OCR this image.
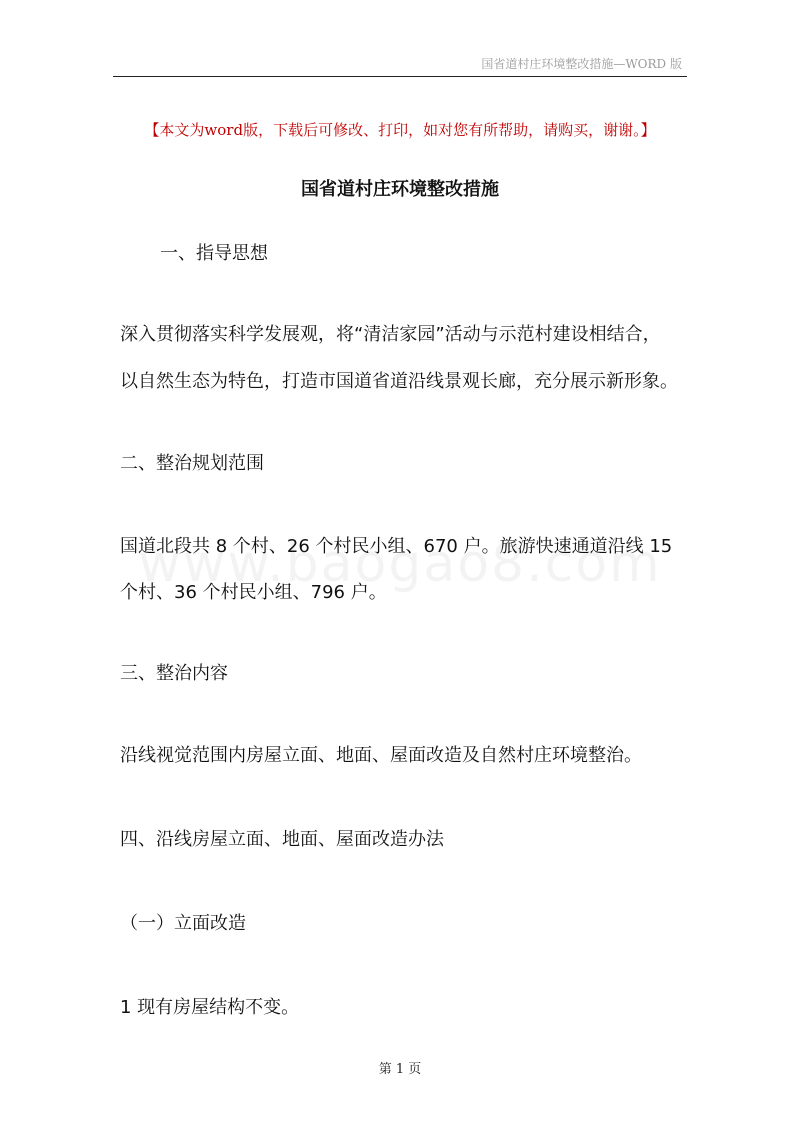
国省道村庄环境整改措施—WORD 版
【本文为word版，下载后可修改、打印，如对您有所帮助，请购买，谢谢。】
国省道村庄环境整改措施
一、指导思想
深入贯彻落实科学发展观，将“清洁家园”活动与示范村建设相结合，
以自然生态为特色，打造市国道省道沿线景观长廊，充分展示新形象。
二、整治规划范围
国道北段共 8 个村、26 个村民小组、670 户。旅游快速通道沿线 15
个村、36 个村民小组、796 户。
三、整治内容
沿线视觉范围内房屋立面、地面、屋面改造及自然村庄环境整治。
四、沿线房屋立面、地面、屋面改造办法
（一）立面改造
1 现有房屋结构不变。
第 1 页
